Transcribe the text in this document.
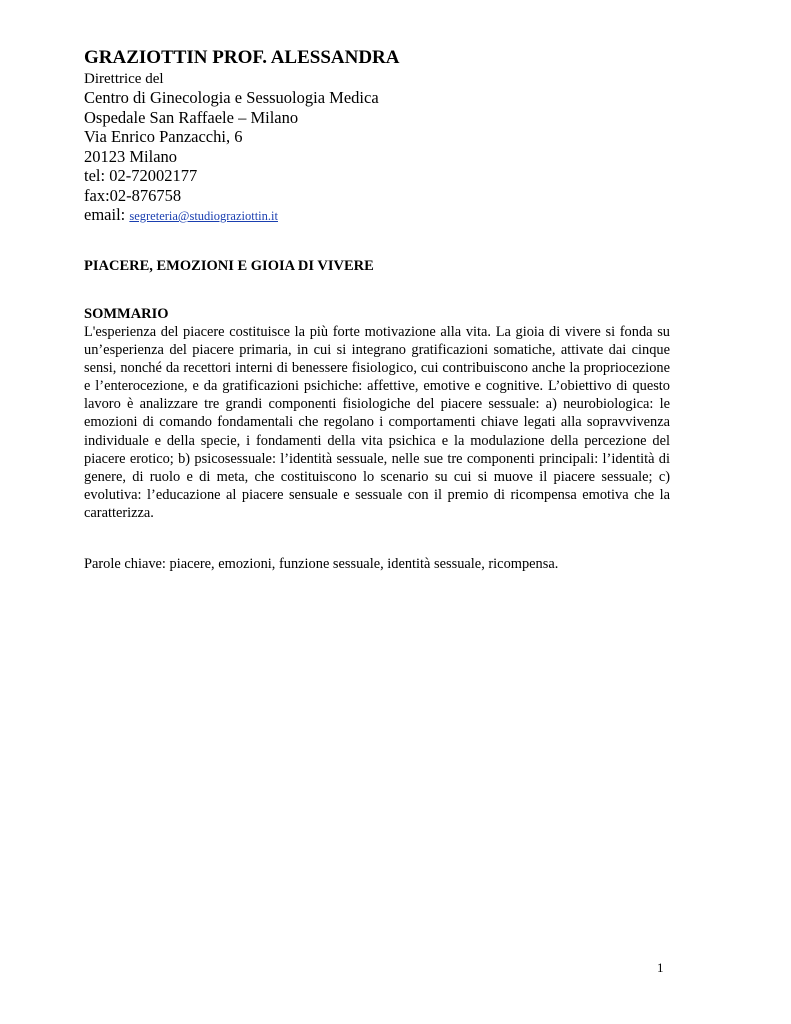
GRAZIOTTIN PROF. ALESSANDRA

Direttrice del

Centro di Ginecologia e Sessuologia Medica

Ospedale San Raffaele – Milano

Via Enrico Panzacchi, 6

20123 Milano

tel: 02-72002177

fax:02-876758

email: segreteria@studiograziottin.it

PIACERE, EMOZIONI E GIOIA DI VIVERE

SOMMARIO

L'esperienza del piacere costituisce la più forte motivazione alla vita. La gioia di vivere si fonda su un’esperienza del piacere primaria, in cui si integrano gratificazioni somatiche, attivate dai cinque sensi, nonché da recettori interni di benessere fisiologico, cui contribuiscono anche la propriocezione e l’enterocezione, e da gratificazioni psichiche: affettive, emotive e cognitive. L’obiettivo di questo lavoro è analizzare tre grandi componenti fisiologiche del piacere sessuale: a) neurobiologica: le emozioni di comando fondamentali che regolano i comportamenti chiave legati alla sopravvivenza individuale e della specie, i fondamenti della vita psichica e la modulazione della percezione del piacere erotico; b) psicosessuale: l’identità sessuale, nelle sue tre componenti principali: l’identità di genere, di ruolo e di meta, che costituiscono lo scenario su cui si muove il piacere sessuale; c) evolutiva: l’educazione al piacere sensuale e sessuale con il premio di ricompensa emotiva che la caratterizza.

Parole chiave: piacere, emozioni, funzione sessuale, identità sessuale, ricompensa.

1
